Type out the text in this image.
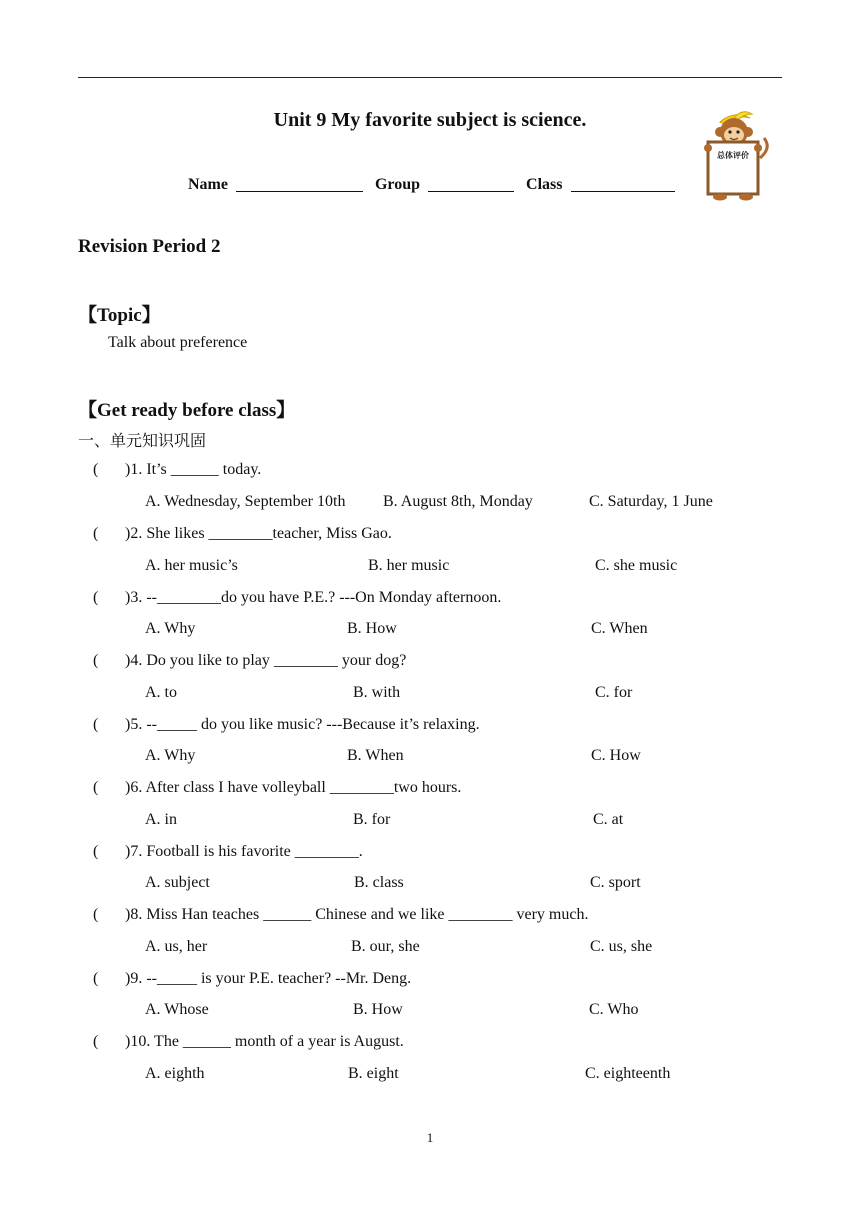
Unit 9 My favorite subject is science.
总体评价
Name	Group	Class
Revision Period 2
【Topic】
Talk about preference
【Get ready before class】
一、单元知识巩固
( )1. It’s ______ today.
A. Wednesday, September 10th B. August 8th, Monday	C. Saturday, 1 June
( )2. She likes ________teacher, Miss Gao.
A. her music’s	B. her music	C. she music
( )3. --________do you have P.E.? ---On Monday afternoon.
A. Why	B. How	C. When
( )4. Do you like to play ________ your dog?
A. to	B. with	C. for
( )5. --_____ do you like music? ---Because it’s relaxing.
A. Why	B. When	C. How
( )6. After class I have volleyball ________two hours.
A. in	B. for	C. at
( )7. Football is his favorite ________.
A. subject	B. class	C. sport
( )8. Miss Han teaches ______ Chinese and we like ________ very much.
A. us, her	B. our, she	C. us, she
( )9. --_____ is your P.E. teacher? --Mr. Deng.
A. Whose	B. How	C. Who
( )10. The ______ month of a year is August.
A. eighth	B. eight	C. eighteenth
1
